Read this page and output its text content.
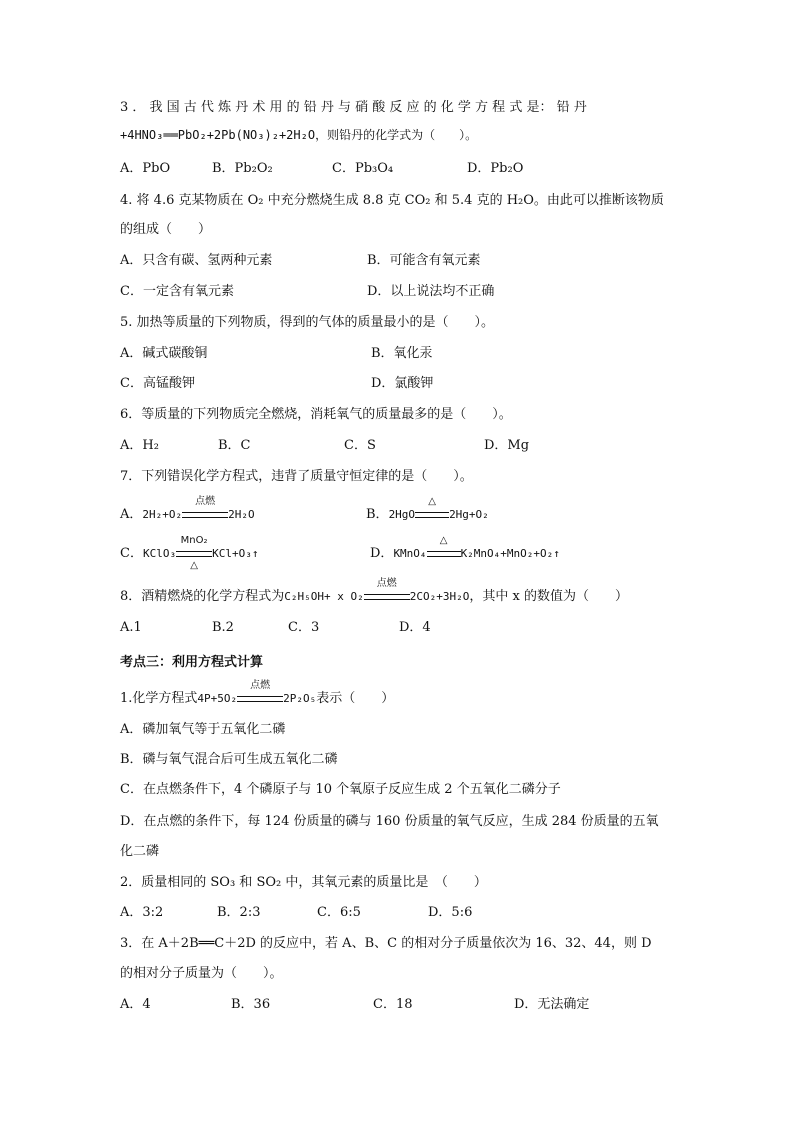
3 ． 我 国 古 代 炼 丹 术 用 的 铅 丹 与 硝 酸 反 应 的 化 学 方 程 式 是： 铅 丹
+4HNO₃══PbO₂+2Pb(NO₃)₂+2H₂O，则铅丹的化学式为（　　）。
A．PbO	B．Pb₂O₂	C．Pb₃O₄	D．Pb₂O
4. 将 4.6 克某物质在 O₂ 中充分燃烧生成 8.8 克 CO₂ 和 5.4 克的 H₂O。由此可以推断该物质
的组成（　　）
A．只含有碳、氢两种元素	B．可能含有氧元素
C．一定含有氧元素	D．以上说法均不正确
5. 加热等质量的下列物质，得到的气体的质量最小的是（　　）。
A．碱式碳酸铜	B．氧化汞
C．高锰酸钾	D．氯酸钾
6．等质量的下列物质完全燃烧，消耗氧气的质量最多的是（　　）。
A．H₂	B．C	C．S	D．Mg
7．下列错误化学方程式，违背了质量守恒定律的是（　　）。
A．2H₂+O₂
点燃
2H₂O	B．2HgO
△
2Hg+O₂
C．KClO₃
MnO₂
△
KCl+O₃↑	D．KMnO₄
△
K₂MnO₄+MnO₂+O₂↑
8．酒精燃烧的化学方程式为C₂H₅OH+ x O₂
点燃
2CO₂+3H₂O，其中 x 的数值为（　　）
A.1	B.2	C．3	D．4
考点三：利用方程式计算
1.化学方程式4P+5O₂
点燃
2P₂O₅表示（　　）
A．磷加氧气等于五氧化二磷
B．磷与氧气混合后可生成五氧化二磷
C．在点燃条件下，4 个磷原子与 10 个氧原子反应生成 2 个五氧化二磷分子
D．在点燃的条件下，每 124 份质量的磷与 160 份质量的氧气反应，生成 284 份质量的五氧
化二磷
2．质量相同的 SO₃ 和 SO₂ 中，其氧元素的质量比是　（　　）
A．3:2	B．2:3	C．6:5	D．5:6
3．在 A＋2B══C＋2D 的反应中，若 A、B、C 的相对分子质量依次为 16、32、44，则 D
的相对分子质量为（　　）。
A．4	B．36	C．18	D．无法确定
